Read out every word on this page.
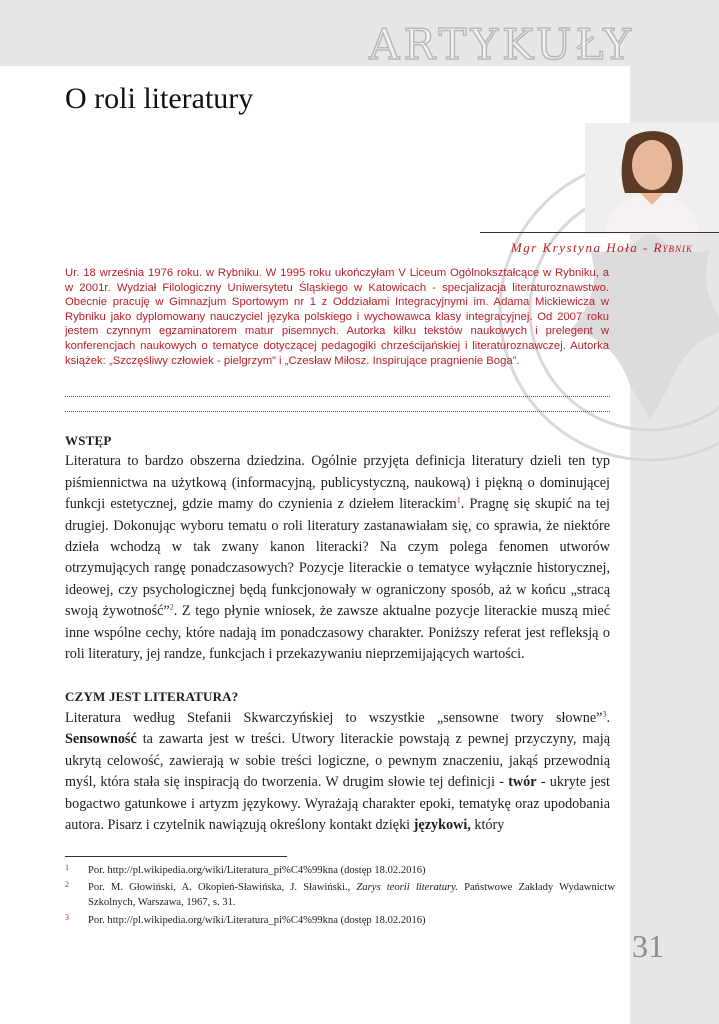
ARTYKUŁY
O roli literatury
Mgr Krystyna Hoła - Rybnik

Ur. 18 września 1976 roku. w Rybniku. W 1995 roku ukończyłam V Liceum Ogólnokształcące w Rybniku, a w 2001r. Wydział Filologiczny Uniwersytetu Śląskiego w Katowicach - specjalizacja literaturoznawstwo. Obecnie pracuję w Gimnazjum Sportowym nr 1 z Oddziałami Integracyjnymi im. Adama Mickiewicza w Rybniku jako dyplomowany nauczyciel języka polskiego i wychowawca klasy integracyjnej. Od 2007 roku jestem czynnym egzaminatorem matur pisemnych. Autorka kilku tekstów naukowych i prelegent w konferencjach naukowych o tematyce dotyczącej pedagogiki chrześcijańskiej i literaturoznawczej. Autorka książek: „Szczęśliwy człowiek - pielgrzym” i „Czesław Miłosz. Inspirujące pragnienie Boga”.

WSTĘP

Literatura to bardzo obszerna dziedzina. Ogólnie przyjęta definicja literatury dzieli ten typ piśmiennictwa na użytkową (informacyjną, publicystyczną, naukową) i piękną o dominującej funkcji estetycznej, gdzie mamy do czynienia z dziełem literackim$^1$. Pragnę się skupić na tej drugiej. Dokonując wyboru tematu o roli literatury zastanawiałam się, co sprawia, że niektóre dzieła wchodzą w tak zwany kanon literacki? Na czym polega fenomen utworów otrzymujących rangę ponadczasowych? Pozycje literackie o tematyce wyłącznie historycznej, ideowej, czy psychologicznej będą funkcjonowały w ograniczony sposób, aż w końcu „stracą swoją żywotność”$^2$. Z tego płynie wniosek, że zawsze aktualne pozycje literackie muszą mieć inne wspólne cechy, które nadają im ponadczasowy charakter. Poniższy referat jest refleksją o roli literatury, jej randze, funkcjach i przekazywaniu nieprzemijających wartości.

CZYM JEST LITERATURA?

Literatura według Stefanii Skwarczyńskiej to wszystkie „sensowne twory słowne”$^3$. Sensowność ta zawarta jest w treści. Utwory literackie powstają z pewnej przyczyny, mają ukrytą celowość, zawierają w sobie treści logiczne, o pewnym znaczeniu, jakąś przewodnią myśl, która stała się inspiracją do tworzenia. W drugim słowie tej definicji - twór - ukryte jest bogactwo gatunkowe i artyzm językowy. Wyrażają charakter epoki, tematykę oraz upodobania autora. Pisarz i czytelnik nawiązują określony kontakt dzięki językowi, który

1 Por. http://pl.wikipedia.org/wiki/Literatura_pi%C4%99kna (dostęp 18.02.2016)
2 Por. M. Głowiński, A. Okopień-Sławińska, J. Sławiński., Zarys teorii literatury. Państwowe Zakłady Wydawnictw Szkolnych, Warszawa, 1967, s. 31.
3 Por. http://pl.wikipedia.org/wiki/Literatura_pi%C4%99kna (dostęp 18.02.2016)
31
